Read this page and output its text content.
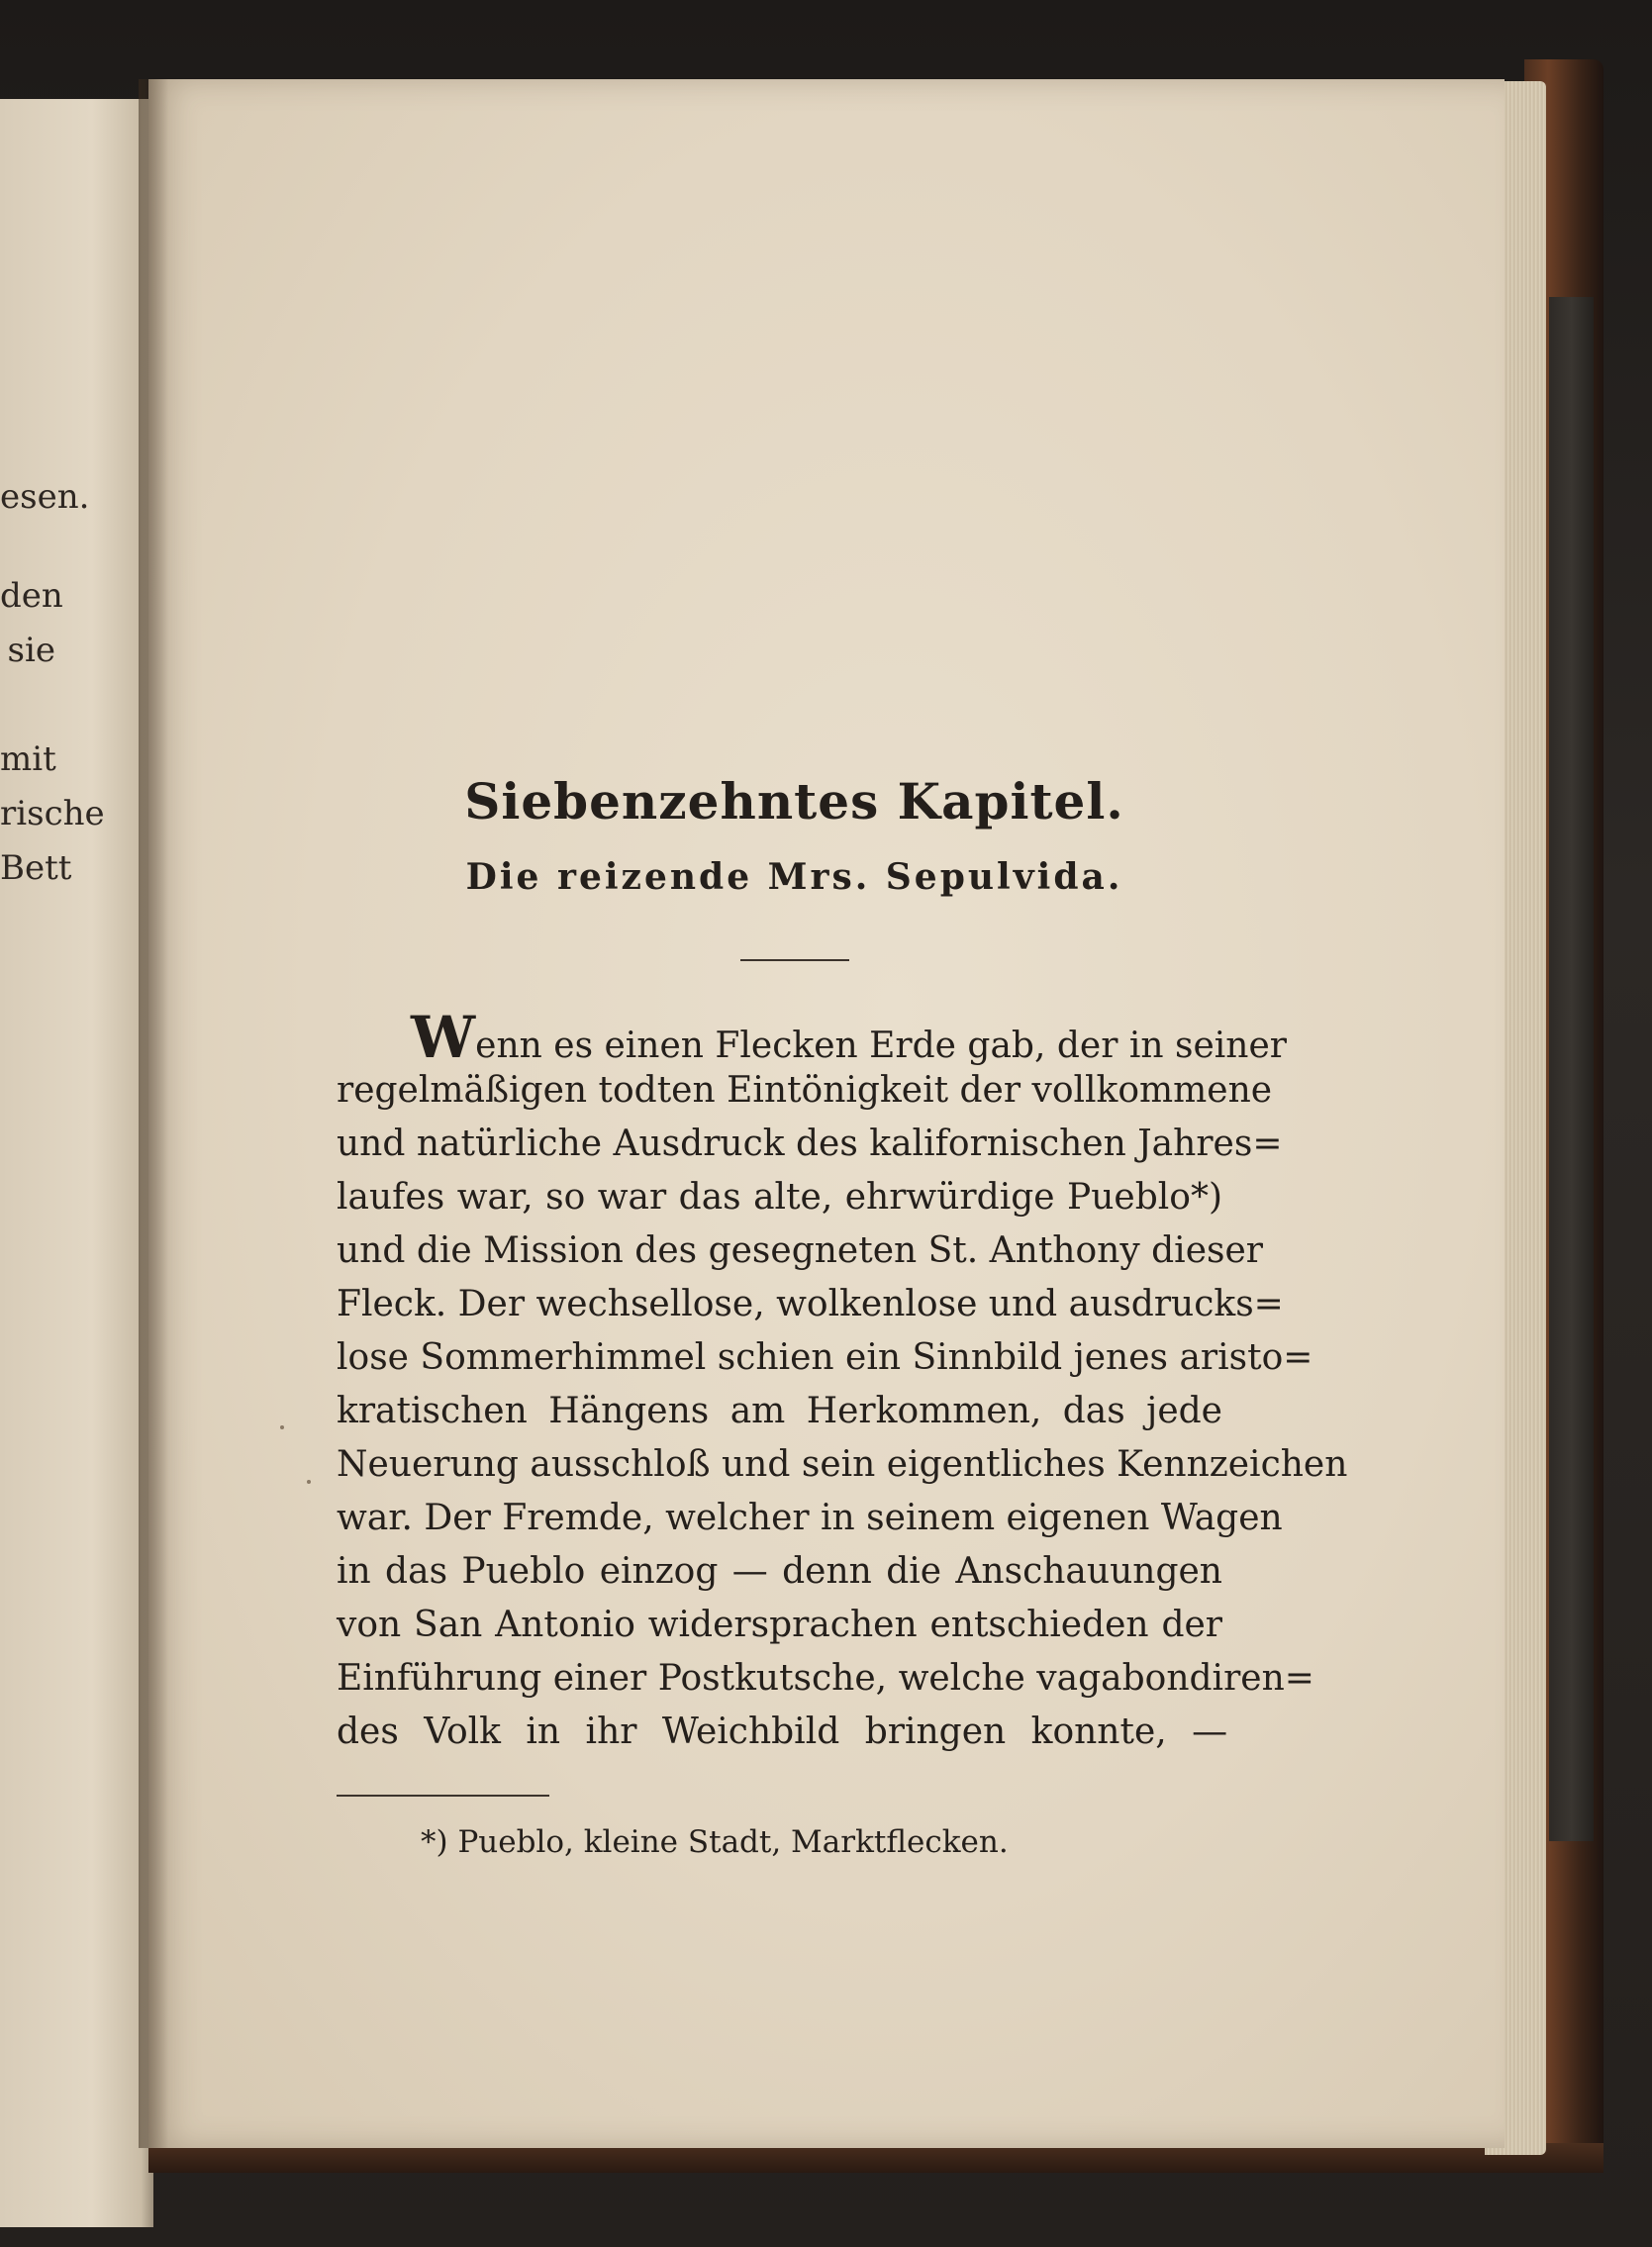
esen.
den
sie
mit
rische
Bett
Siebenzehntes Kapitel.
Die reizende Mrs. Sepulvida.
Wenn es einen Flecken Erde gab, der in seiner
regelmäßigen todten Eintönigkeit der vollkommene
und natürliche Ausdruck des kalifornischen Jahres=
laufes war, so war das alte, ehrwürdige Pueblo*)
und die Mission des gesegneten St. Anthony dieser
Fleck. Der wechsellose, wolkenlose und ausdrucks=
lose Sommerhimmel schien ein Sinnbild jenes aristo=
kratischen Hängens am Herkommen, das jede
Neuerung ausschloß und sein eigentliches Kennzeichen
war. Der Fremde, welcher in seinem eigenen Wagen
in das Pueblo einzog — denn die Anschauungen
von San Antonio widersprachen entschieden der
Einführung einer Postkutsche, welche vagabondiren=
des Volk in ihr Weichbild bringen konnte, —
*) Pueblo, kleine Stadt, Marktflecken.
